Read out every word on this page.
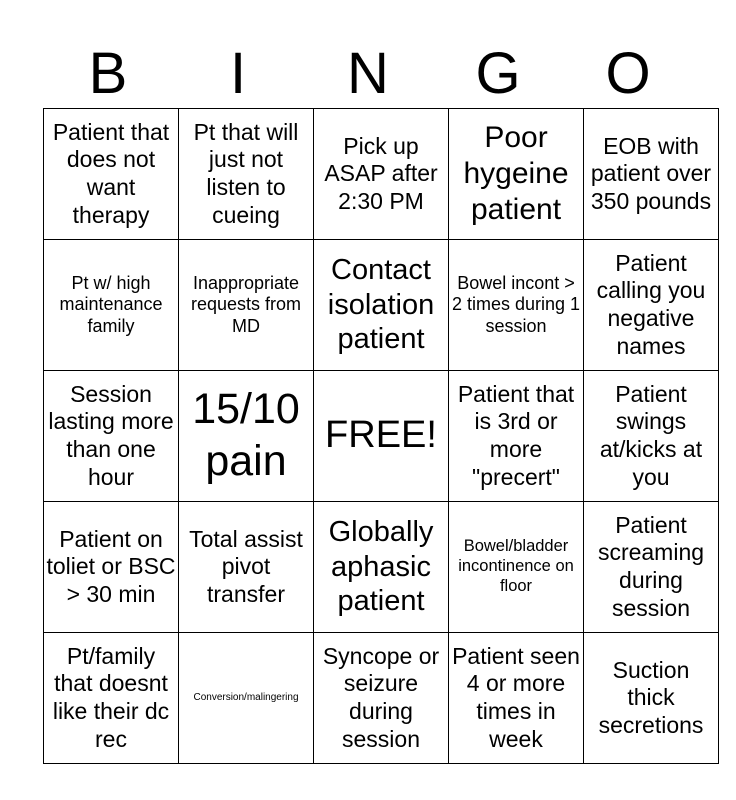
B	I	N	G	O
Patient that does not want therapy	Pt that will just not listen to cueing	Pick up ASAP after 2:30 PM	Poor hygeine patient	EOB with patient over 350 pounds
Pt w/ high maintenance family	Inappropriate requests from MD	Contact isolation patient	Bowel incont > 2 times during 1 session	Patient calling you negative names
Session lasting more than one hour	15/10 pain	FREE!	Patient that is 3rd or more "precert"	Patient swings at/kicks at you
Patient on toliet or BSC > 30 min	Total assist pivot transfer	Globally aphasic patient	Bowel/bladder incontinence on floor	Patient screaming during session
Pt/family that doesnt like their dc rec	Conversion/malingering	Syncope or seizure during session	Patient seen 4 or more times in week	Suction thick secretions
